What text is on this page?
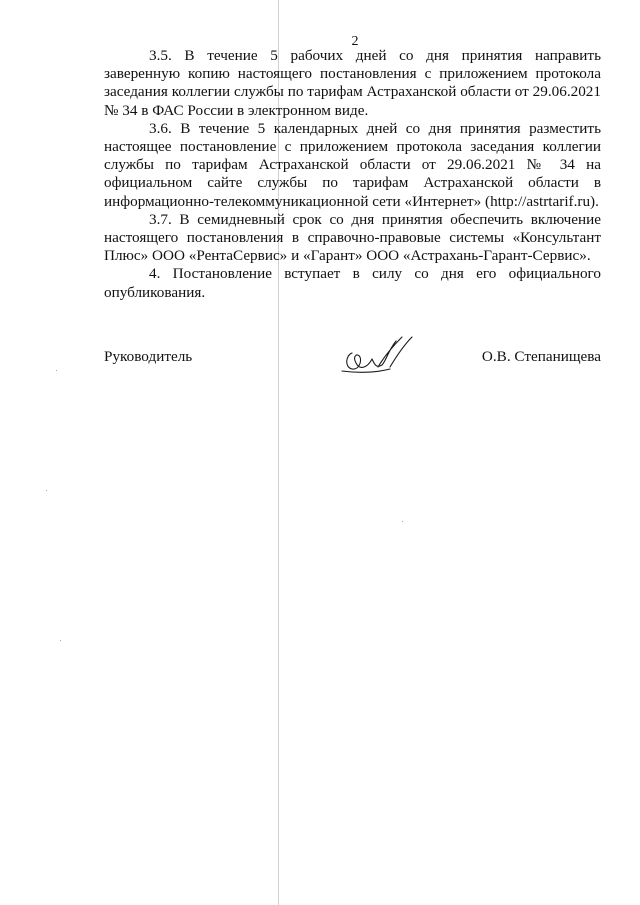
2

3.5. В течение 5 рабочих дней со дня принятия направить заверенную копию настоящего постановления с приложением протокола заседания коллегии службы по тарифам Астраханской области от 29.06.2021 № 34 в ФАС России в электронном виде.

3.6. В течение 5 календарных дней со дня принятия разместить настоящее постановление с приложением протокола заседания коллегии службы по тарифам Астраханской области от 29.06.2021 № 34 на официальном сайте службы по тарифам Астраханской области в информационно-телекоммуникационной сети «Интернет» (http://astrtarif.ru).

3.7. В семидневный срок со дня принятия обеспечить включение настоящего постановления в справочно-правовые системы «Консультант Плюс» ООО «РентаСервис» и «Гарант» ООО «Астрахань-Гарант-Сервис».

4. Постановление вступает в силу со дня его официального опубликования.

Руководитель	О.В. Степанищева
